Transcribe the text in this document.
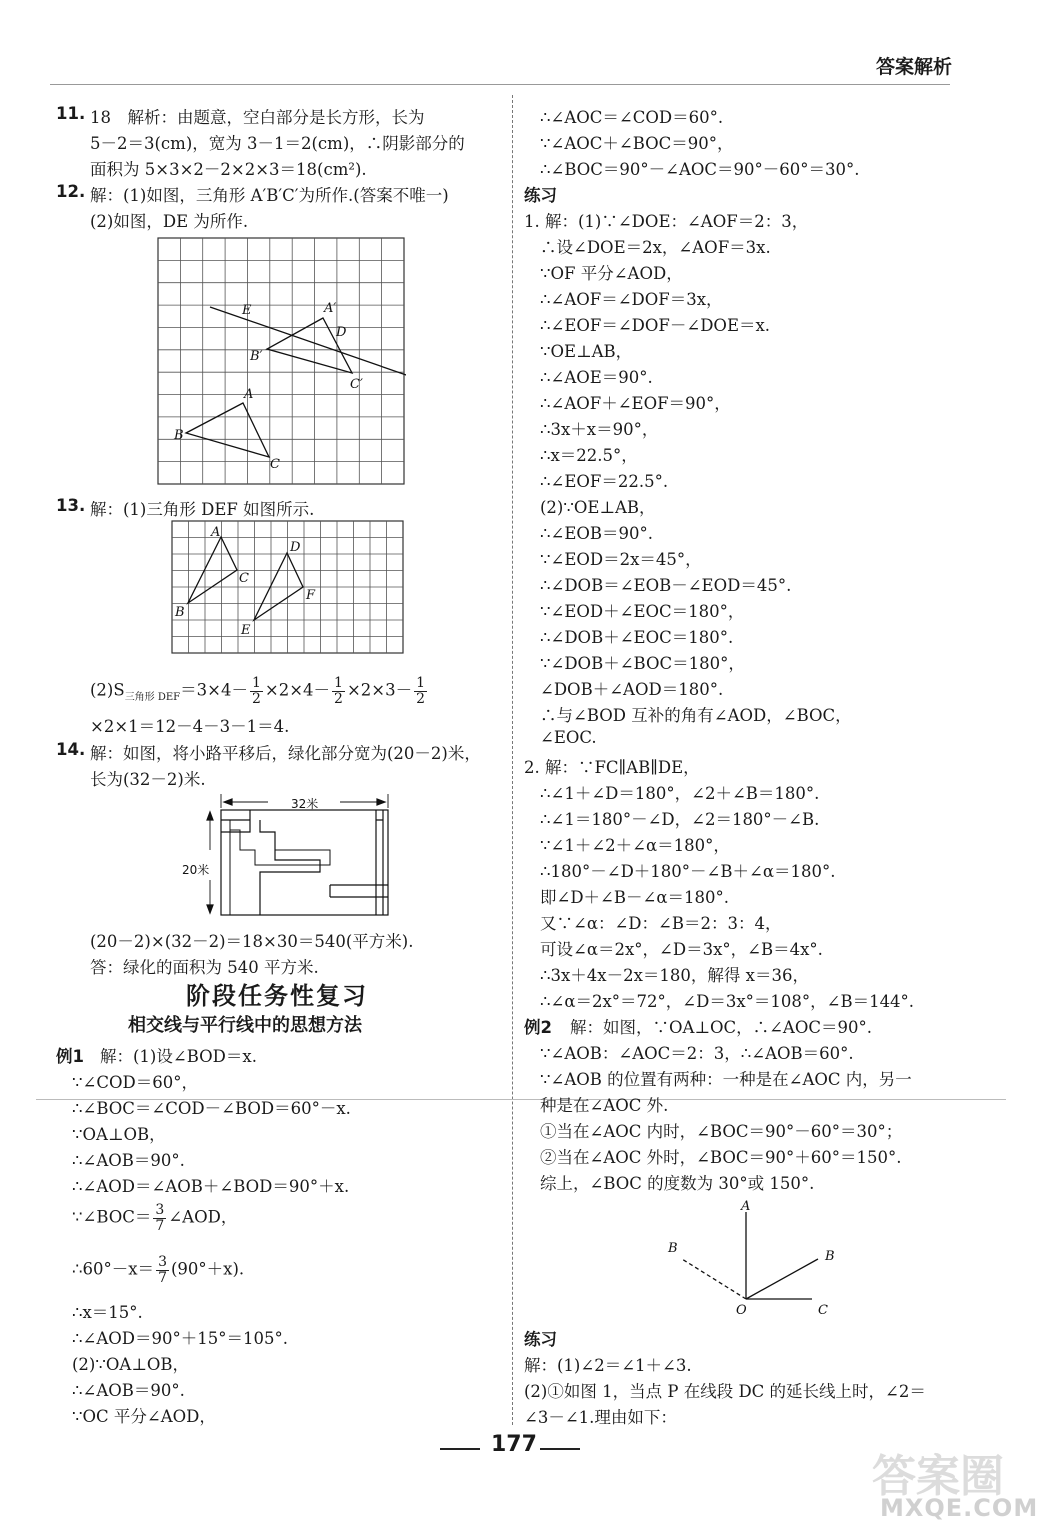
答案解析
11. 18　解析：由题意，空白部分是长方形，长为
5－2＝3(cm)，宽为 3－1＝2(cm)，∴阴影部分的
面积为 5×3×2－2×2×3＝18(cm²).
12. 解：(1)如图，三角形 A′B′C′为所作.(答案不唯一)
(2)如图，DE 为所作.
A
B
C
A′
B′
C′
D
E
13. 解：(1)三角形 DEF 如图所示.
A
B
C
D
E
F
$(2)S_{三角形 DEF}=3\times 4- \frac{1}{2} \times 2\times 4- \frac{1}{2} \times 2\times 3- \frac{1}{2}$
×2×1＝12－4－3－1＝4.
14. 解：如图，将小路平移后，绿化部分宽为(20－2)米，
长为(32－2)米.
32米
20米
(20－2)×(32－2)＝18×30＝540(平方米).
答：绿化的面积为 540 平方米.
阶段任务性复习
相交线与平行线中的思想方法
例1 解：(1)设∠BOD＝x.
∵∠COD＝60°，
∴∠BOC＝∠COD－∠BOD＝60°－x.
∵OA⊥OB，
∴∠AOB＝90°.
∴∠AOD＝∠AOB＋∠BOD＝90°＋x.
∵∠BOC＝ $\frac{3}{7}$ ∠AOD，
∴60°－x＝ $\frac{3}{7} (90^\circ+x)$.
∴x＝15°.
∴∠AOD＝90°＋15°＝105°.
(2)∵OA⊥OB，
∴∠AOB＝90°.
∵OC 平分∠AOD，
∴∠AOC＝∠COD＝60°.
∵∠AOC＋∠BOC＝90°，
∴∠BOC＝90°－∠AOC＝90°－60°＝30°.
练习
1. 解：(1)∵∠DOE：∠AOF＝2：3，
∴设∠DOE＝2x，∠AOF＝3x.
∵OF 平分∠AOD，
∴∠AOF＝∠DOF＝3x，
∴∠EOF＝∠DOF－∠DOE＝x.
∵OE⊥AB，
∴∠AOE＝90°.
∴∠AOF＋∠EOF＝90°，
∴3x＋x＝90°，
∴x＝22.5°，
∴∠EOF＝22.5°.
(2)∵OE⊥AB，
∴∠EOB＝90°.
∵∠EOD＝2x＝45°，
∴∠DOB＝∠EOB－∠EOD＝45°.
∵∠EOD＋∠EOC＝180°，
∴∠DOB＋∠EOC＝180°.
∵∠DOB＋∠BOC＝180°，
∠DOB＋∠AOD＝180°.
∴与∠BOD 互补的角有∠AOD，∠BOC，
∠EOC.
2. 解：∵FC∥AB∥DE，
∴∠1＋∠D＝180°，∠2＋∠B＝180°.
∴∠1＝180°－∠D，∠2＝180°－∠B.
∵∠1＋∠2＋∠α＝180°，
∴180°－∠D＋180°－∠B＋∠α＝180°.
即∠D＋∠B－∠α＝180°.
又∵∠α：∠D：∠B＝2：3：4，
可设∠α＝2x°，∠D＝3x°，∠B＝4x°.
∴3x＋4x－2x＝180，解得 x＝36，
∴∠α＝2x°＝72°，∠D＝3x°＝108°，∠B＝144°.
例2 解：如图，∵OA⊥OC，∴∠AOC＝90°.
∵∠AOB：∠AOC＝2：3，∴∠AOB＝60°.
∵∠AOB 的位置有两种：一种是在∠AOC 内，另一
种是在∠AOC 外.
①当在∠AOC 内时，∠BOC＝90°－60°＝30°；
②当在∠AOC 外时，∠BOC＝90°＋60°＝150°.
综上，∠BOC 的度数为 30°或 150°.
A
B
B
O	C
练习
解：(1)∠2＝∠1＋∠3.
(2)①如图 1，当点 P 在线段 DC 的延长线上时，∠2＝
∠3－∠1.理由如下：
177
答案圈
MXQE.COM
